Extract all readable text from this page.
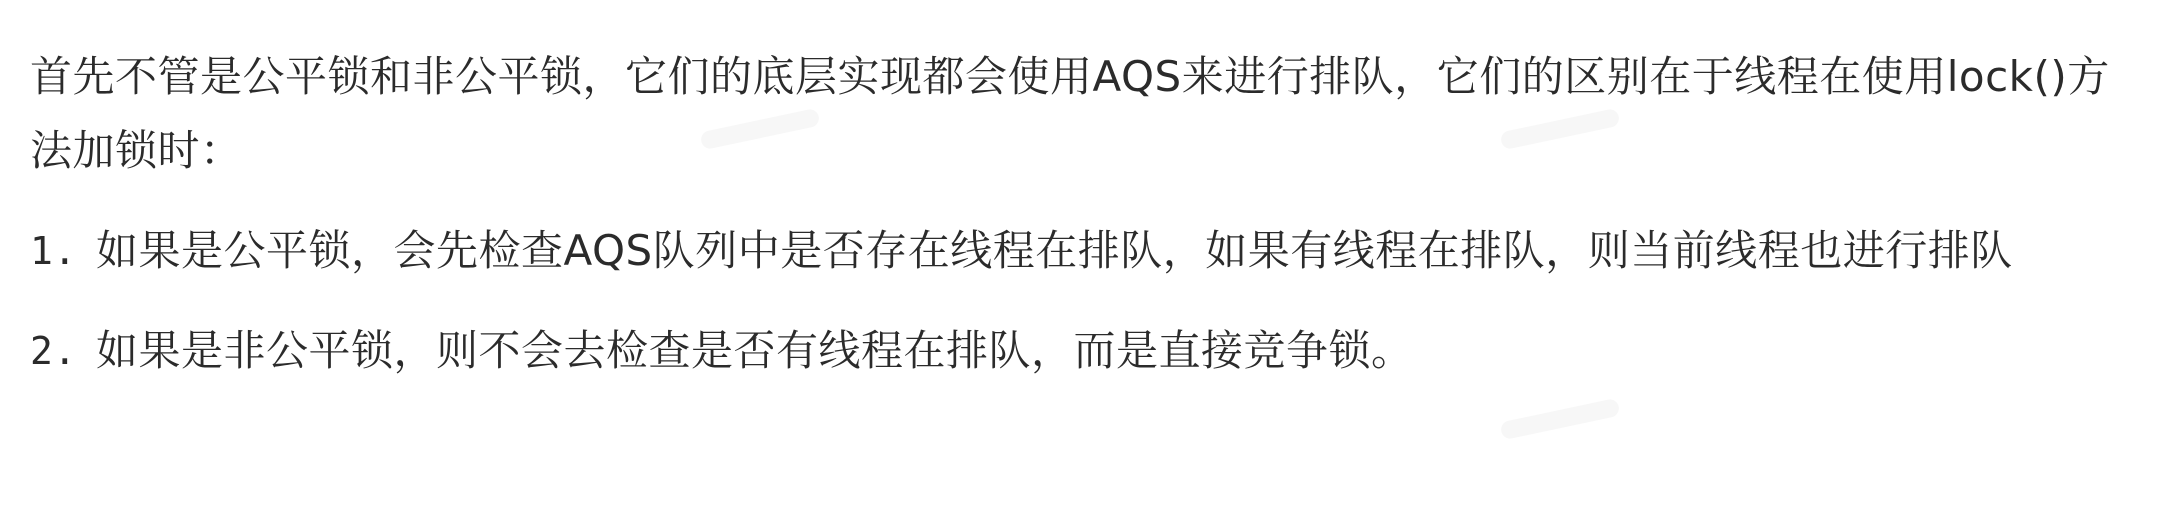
首先不管是公平锁和非公平锁，它们的底层实现都会使用AQS来进行排队，它们的区别在于线程在使用lock()方法加锁时：

1. 如果是公平锁，会先检查AQS队列中是否存在线程在排队，如果有线程在排队，则当前线程也进行排队
2. 如果是非公平锁，则不会去检查是否有线程在排队，而是直接竞争锁。
